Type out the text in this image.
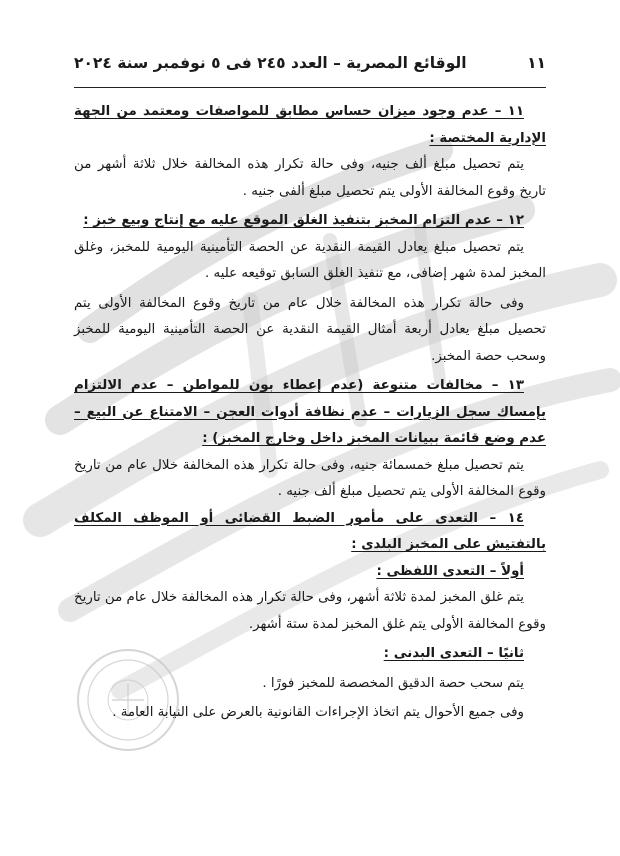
الوقائع المصرية – العدد ٢٤٥ فى ٥ نوفمبر سنة ٢٠٢٤	١١

١١ – عدم وجود ميزان حساس مطابق للمواصفات ومعتمد من الجهة الإدارية المختصة :

يتم تحصيل مبلغ ألف جنيه، وفى حالة تكرار هذه المخالفة خلال ثلاثة أشهر من تاريخ وقوع المخالفة الأولى يتم تحصيل مبلغ ألفى جنيه .

١٢ – عدم التزام المخبز بتنفيذ الغلق الموقع عليه مع إنتاج وبيع خبز :

يتم تحصيل مبلغ يعادل القيمة النقدية عن الحصة التأمينية اليومية للمخبز، وغلق المخبز لمدة شهر إضافى، مع تنفيذ الغلق السابق توقيعه عليه .

وفى حالة تكرار هذه المخالفة خلال عام من تاريخ وقوع المخالفة الأولى يتم تحصيل مبلغ يعادل أربعة أمثال القيمة النقدية عن الحصة التأمينية اليومية للمخبز وسحب حصة المخبز.

١٣ – مخالفات متنوعة (عدم إعطاء بون للمواطن – عدم الالتزام بإمساك سجل الزيارات – عدم نظافة أدوات العجن – الامتناع عن البيع – عدم وضع قائمة ببيانات المخبز داخل وخارج المخبز) :

يتم تحصيل مبلغ خمسمائة جنيه، وفى حالة تكرار هذه المخالفة خلال عام من تاريخ وقوع المخالفة الأولى يتم تحصيل مبلغ ألف جنيه .

١٤ – التعدى على مأمور الضبط القضائى أو الموظف المكلف بالتفتيش على المخبز البلدى :

أولاً – التعدى اللفظى :

يتم غلق المخبز لمدة ثلاثة أشهر، وفى حالة تكرار هذه المخالفة خلال عام من تاريخ وقوع المخالفة الأولى يتم غلق المخبز لمدة ستة أشهر.

ثانيًا – التعدى البدنى :

يتم سحب حصة الدقيق المخصصة للمخبز فورًا .

وفى جميع الأحوال يتم اتخاذ الإجراءات القانونية بالعرض على النيابة العامة .
